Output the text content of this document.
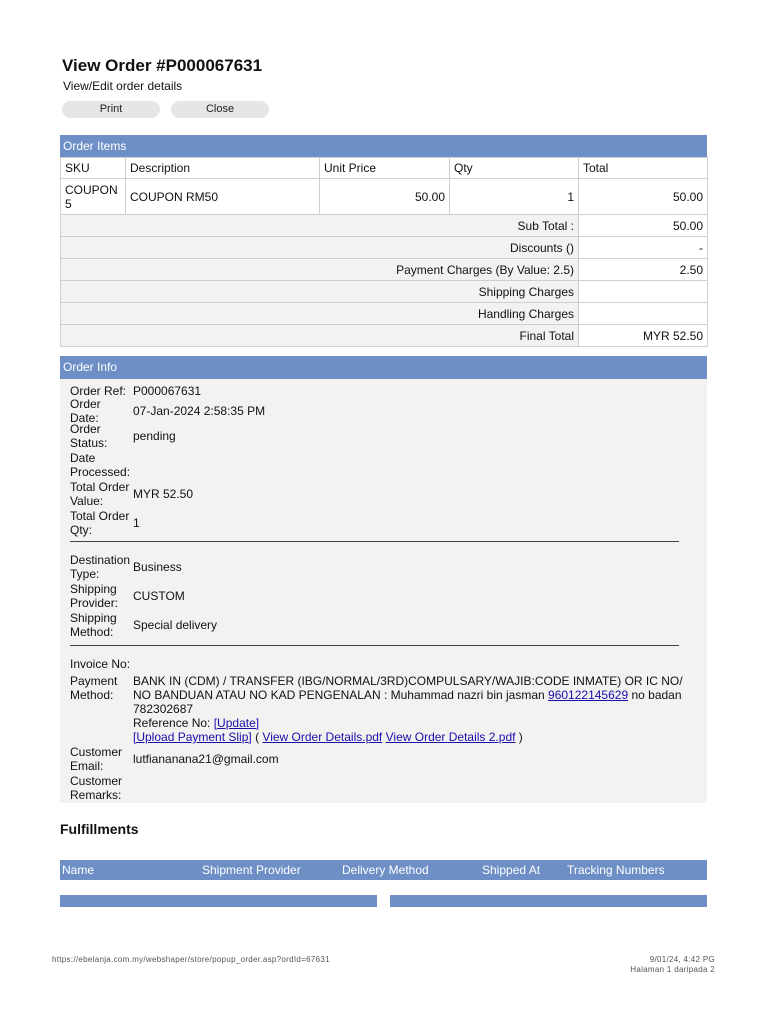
View Order #P000067631
View/Edit order details
Print	Close
Order Items
SKU	Description	Unit Price	Qty	Total
COUPON 5	COUPON RM50	50.00	1	50.00
Sub Total :				50.00
Discounts ()				-
Payment Charges (By Value: 2.5)				2.50
Shipping Charges				
Handling Charges				
Final Total				MYR 52.50
Order Info
Order Ref: P000067631
Order Date:	07-Jan-2024 2:58:35 PM
Order Status:	pending
Date Processed:
Total Order Value:	MYR 52.50
Total Order Qty:	1
Destination Type:	Business
Shipping Provider:	CUSTOM
Shipping Method:	Special delivery
Invoice No:
Payment Method:
BANK IN (CDM) / TRANSFER (IBG/NORMAL/3RD)COMPULSARY/WAJIB:CODE INMATE) OR IC NO/ NO BANDUAN ATAU NO KAD PENGENALAN : Muhammad nazri bin jasman 960122145629 no badan 782302687
Reference No: [Update]
[Upload Payment Slip] ( View Order Details.pdf View Order Details 2.pdf )
Customer Email:	lutfiananana21@gmail.com
Customer Remarks:
Fulfillments
Name	Shipment Provider	Delivery Method	Shipped At Tracking Numbers
https://ebelanja.com.my/webshaper/store/popup_order.asp?ordId=67631	9/01/24, 4:42 PG
Halaman 1 daripada 2
